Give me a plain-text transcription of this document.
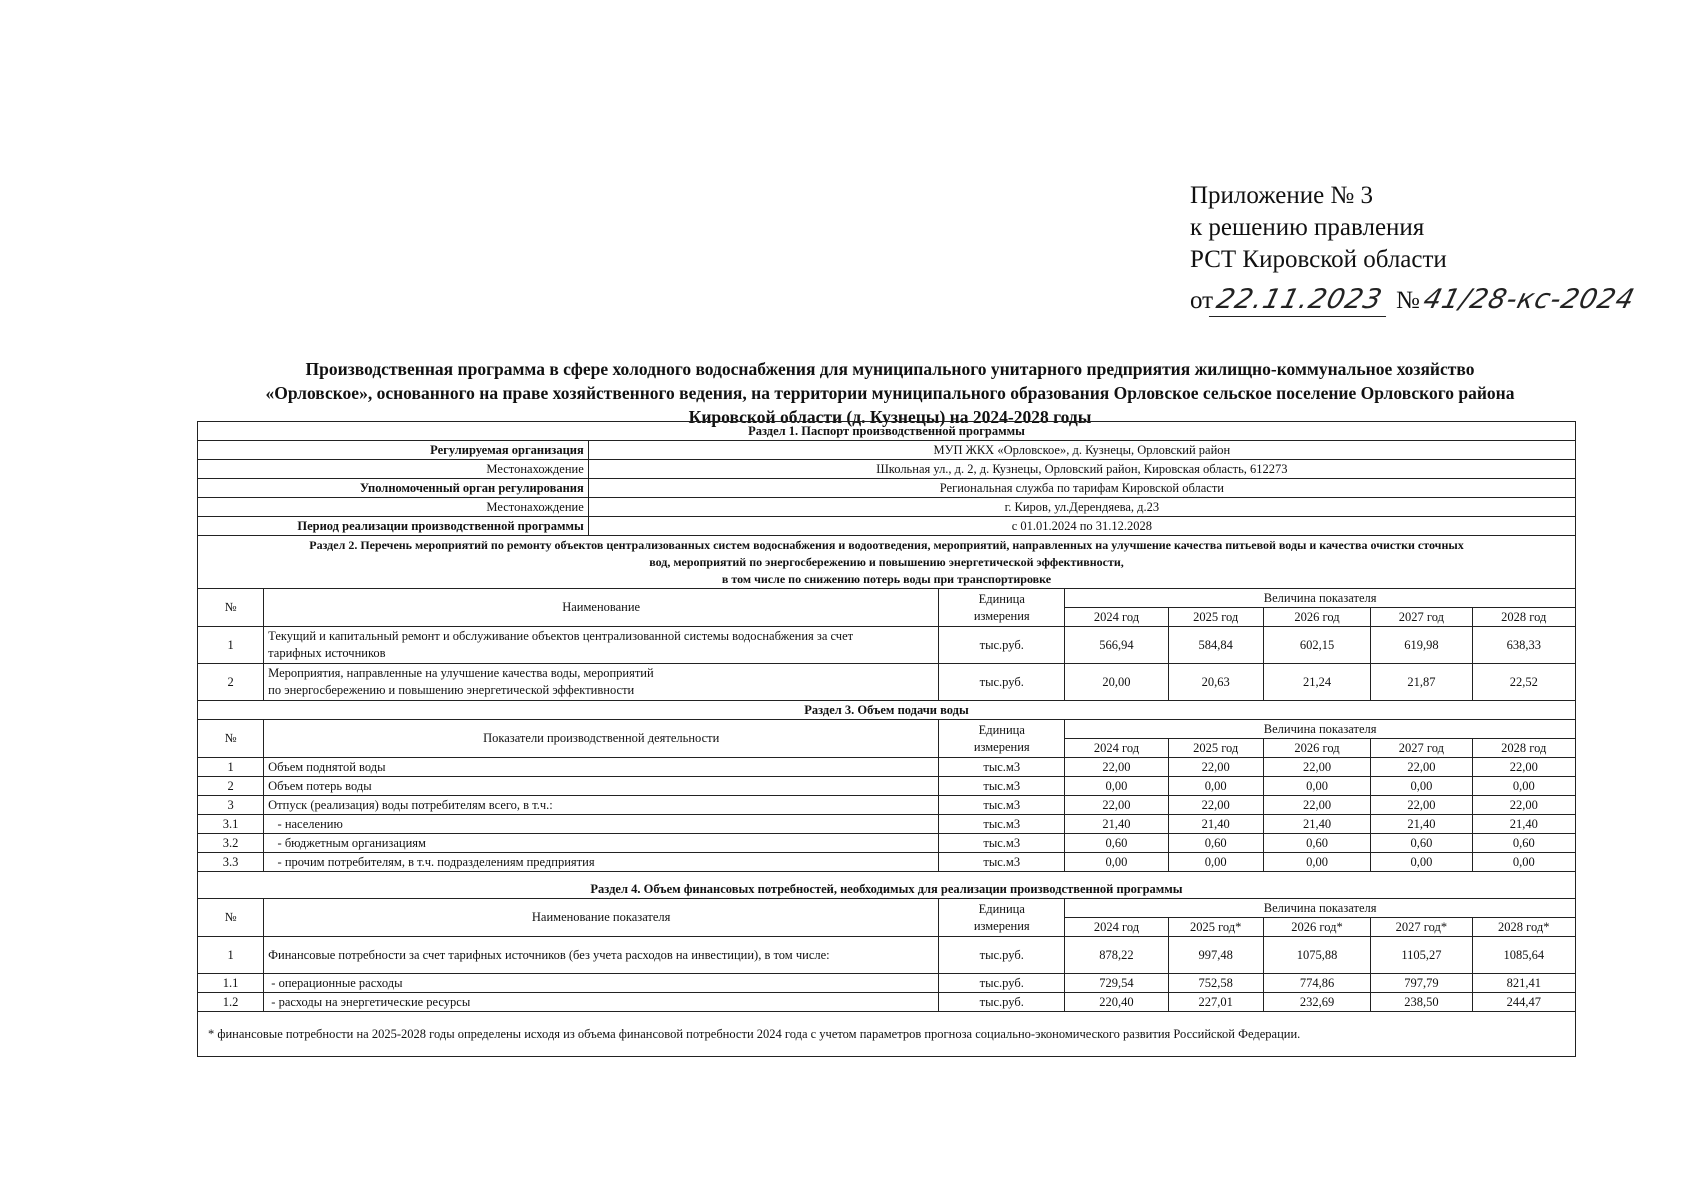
Приложение № 3
к решению правления
РСТ Кировской области
от22.11.2023 №41/28-кс-2024
Производственная программа в сфере холодного водоснабжения для муниципального унитарного предприятия жилищно-коммунальное хозяйство
«Орловское», основанного на праве хозяйственного ведения, на территории муниципального образования Орловское сельское поселение Орловского района
Кировской области (д. Кузнецы) на 2024-2028 годы
Раздел 1. Паспорт производственной программы								
Регулируемая организация		МУП ЖКХ «Орловское», д. Кузнецы, Орловский район						
Местонахождение		Школьная ул., д. 2, д. Кузнецы, Орловский район, Кировская область, 612273						
Уполномоченный орган регулирования		Региональная служба по тарифам Кировской области						
Местонахождение		г. Киров, ул.Дерендяева, д.23						
Период реализации производственной программы		с 01.01.2024 по 31.12.2028						

Раздел 2. Перечень мероприятий по ремонту объектов централизованных систем водоснабжения и водоотведения, мероприятий, направленных на улучшение качества питьевой воды и качества очистки сточных
вод, мероприятий по энергосбережению и повышению энергетической эффективности,
в том числе по снижению потерь воды при транспортировке								

№	Наименование		Единица
измерения	Величина показателя				
				2024 год	2025 год	2026 год	2027 год	2028 год
1	Текущий и капитальный ремонт и обслуживание объектов централизованной системы водоснабжения за счет
тарифных источников		тыс.руб.	566,94	584,84	602,15	619,98	638,33
2	Мероприятия, направленные на улучшение качества воды, мероприятий
по энергосбережению и повышению энергетической эффективности		тыс.руб.	20,00	20,63	21,24	21,87	22,52
Раздел 3. Объем подачи воды								
№	Показатели производственной деятельности		Единица
измерения	Величина показателя				
				2024 год	2025 год	2026 год	2027 год	2028 год
1	Объем поднятой воды		тыс.м3	22,00	22,00	22,00	22,00	22,00
2	Объем потерь воды		тыс.м3	0,00	0,00	0,00	0,00	0,00
3	Отпуск (реализация) воды потребителям всего, в т.ч.:		тыс.м3	22,00	22,00	22,00	22,00	22,00
3.1	- населению		тыс.м3	21,40	21,40	21,40	21,40	21,40
3.2	- бюджетным организациям		тыс.м3	0,60	0,60	0,60	0,60	0,60
3.3	- прочим потребителям, в т.ч. подразделениям предприятия		тыс.м3	0,00	0,00	0,00	0,00	0,00
Раздел 4. Объем финансовых потребностей, необходимых для реализации производственной программы								
№	Наименование показателя		Единица
измерения	Величина показателя				
				2024 год	2025 год*	2026 год*	2027 год*	2028 год*
1	Финансовые потребности за счет тарифных источников (без учета расходов на инвестиции), в том числе:		тыс.руб.	878,22	997,48	1075,88	1105,27	1085,64
1.1	- операционные расходы		тыс.руб.	729,54	752,58	774,86	797,79	821,41
1.2	- расходы на энергетические ресурсы		тыс.руб.	220,40	227,01	232,69	238,50	244,47
* финансовые потребности на 2025-2028 годы определены исходя из объема финансовой потребности 2024 года с учетом параметров прогноза социально-экономического развития Российской Федерации.								
